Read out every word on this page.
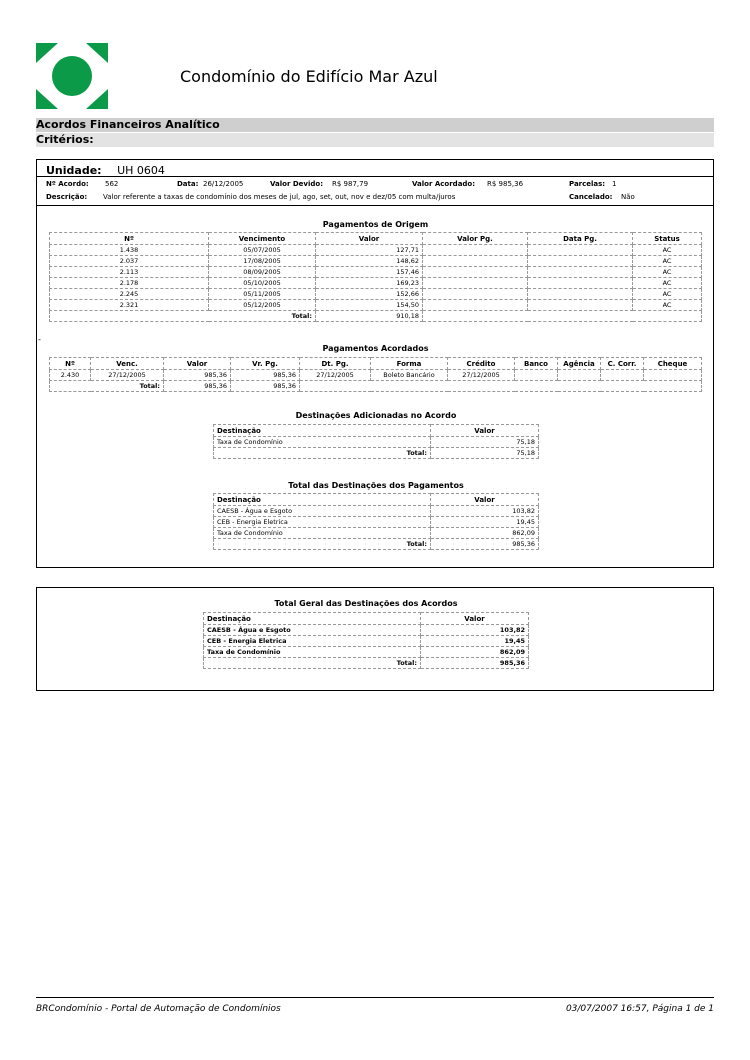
Condomínio do Edifício Mar Azul
Acordos Financeiros Analítico
Critérios:
Unidade: UH 0604
Nº Acordo: 562	Data: 26/12/2005	Valor Devido: R$ 987,79	Valor Acordado: R$ 985,36	Parcelas: 1
Descrição: Valor referente a taxas de condomínio dos meses de jul, ago, set, out, nov e dez/05 com multa/juros	Cancelado: Não
Pagamentos de Origem
Nº	Vencimento	Valor	Valor Pg.	Data Pg.	Status
1.438	05/07/2005	127,71			AC
2.037	17/08/2005	148,62			AC
2.113	08/09/2005	157,46			AC
2.178	05/10/2005	169,23			AC
2.245	05/11/2005	152,66			AC
2.321	05/12/2005	154,50			AC
Total:		910,18			
-
Pagamentos Acordados
Nº	Venc.	Valor	Vr. Pg.	Dt. Pg.	Forma	Crédito	Banco	Agência	C. Corr.	Cheque
2.430	27/12/2005	985,36	985,36	27/12/2005	Boleto Bancário	27/12/2005				
Total:		985,36	985,36							
Destinações Adicionadas no Acordo
Destinação	Valor
Taxa de Condomínio	75,18
Total:	75,18
Total das Destinações dos Pagamentos
Destinação	Valor
CAESB - Água e Esgoto	103,82
CEB - Energia Eletrica	19,45
Taxa de Condomínio	862,09
Total:	985,36
Total Geral das Destinações dos Acordos
Destinação	Valor
CAESB - Água e Esgoto	103,82
CEB - Energia Eletrica	19,45
Taxa de Condomínio	862,09
Total:	985,36
BRCondomínio - Portal de Automação de Condomínios	03/07/2007 16:57, Página 1 de 1
